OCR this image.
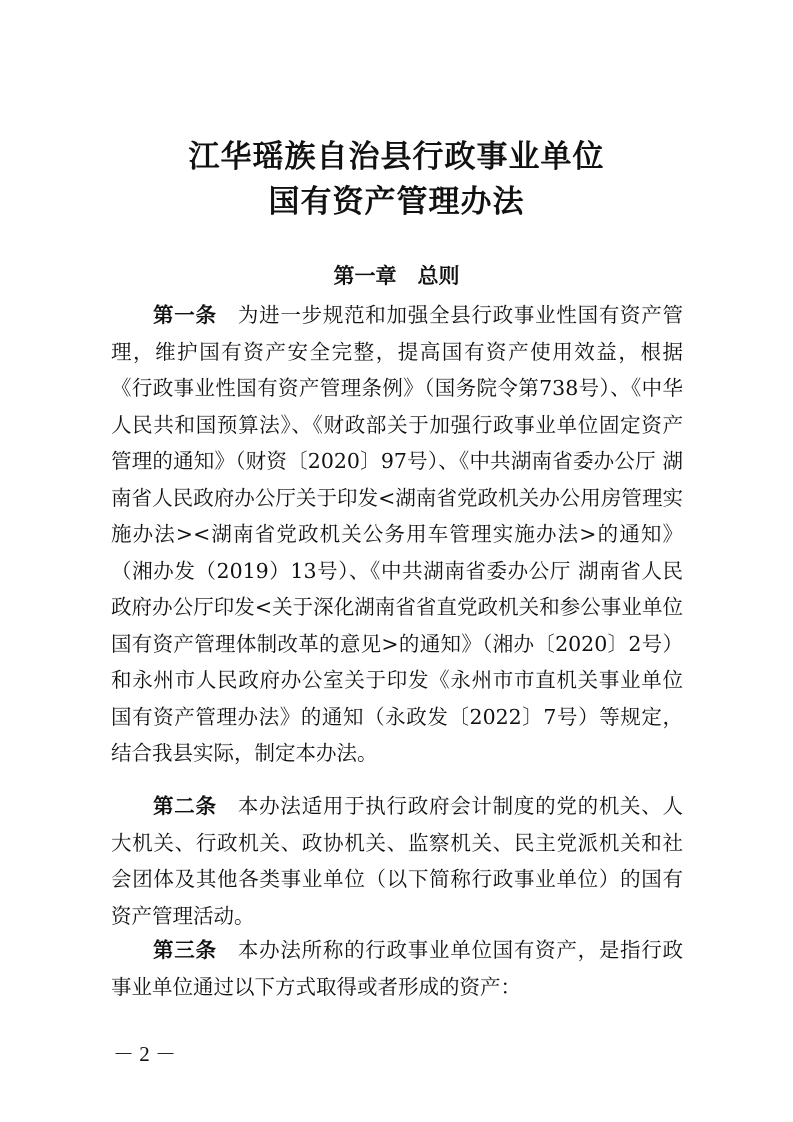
江华瑶族自治县行政事业单位
国有资产管理办法
第一章　总则
第一条　 为进一步规范和加强全县行政事业性国有资产管理，维护国有资产安全完整，提高国有资产使用效益，根据《行政事业性国有资产管理条例》（国务院令第738号）、《中华人民共和国预算法》、《财政部关于加强行政事业单位固定资产管理的通知》（财资〔2020〕97号）、《中共湖南省委办公厅 湖南省人民政府办公厅关于印发<湖南省党政机关办公用房管理实施办法><湖南省党政机关公务用车管理实施办法>的通知》（湘办发（2019）13号）、《中共湖南省委办公厅 湖南省人民政府办公厅印发<关于深化湖南省省直党政机关和参公事业单位国有资产管理体制改革的意见>的通知》（湘办〔2020〕2号）和永州市人民政府办公室关于印发《永州市市直机关事业单位国有资产管理办法》的通知（永政发〔2022〕7号）等规定，结合我县实际，制定本办法。
第二条　 本办法适用于执行政府会计制度的党的机关、人大机关、行政机关、政协机关、监察机关、民主党派机关和社会团体及其他各类事业单位（以下简称行政事业单位）的国有资产管理活动。
第三条　 本办法所称的行政事业单位国有资产，是指行政事业单位通过以下方式取得或者形成的资产：
－ 2 －
